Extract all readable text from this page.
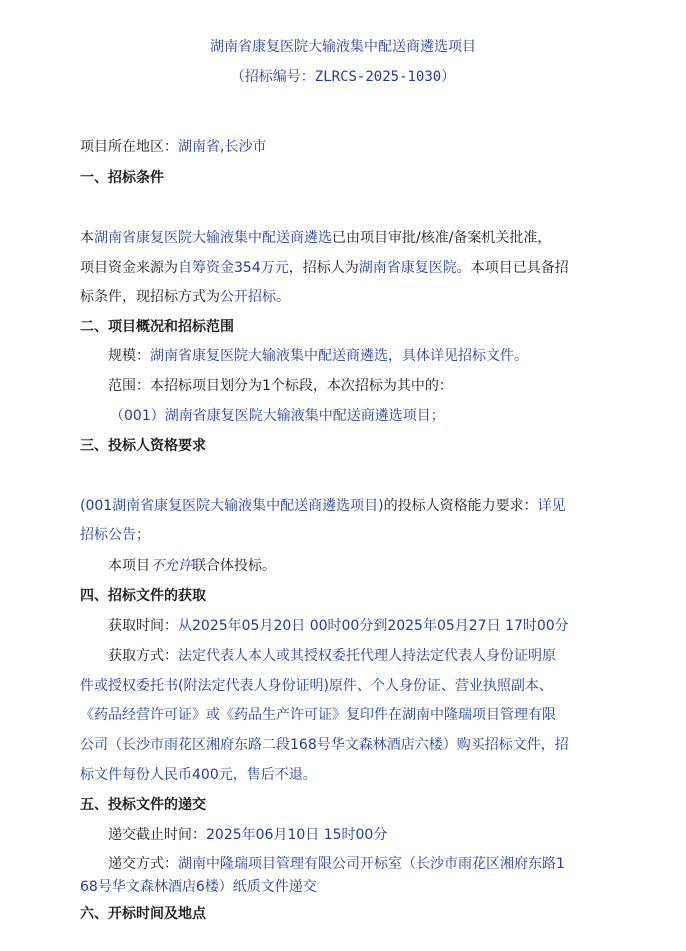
湖南省康复医院大输液集中配送商遴选项目
（招标编号：ZLRCS-2025-1030）
项目所在地区：湖南省,长沙市
一、招标条件
本湖南省康复医院大输液集中配送商遴选已由项目审批/核准/备案机关批准，
项目资金来源为自筹资金354万元，招标人为湖南省康复医院。本项目已具备招
标条件，现招标方式为公开招标。
二、项目概况和招标范围
规模：湖南省康复医院大输液集中配送商遴选，具体详见招标文件。
范围：本招标项目划分为1个标段，本次招标为其中的：
（001）湖南省康复医院大输液集中配送商遴选项目；
三、投标人资格要求
(001湖南省康复医院大输液集中配送商遴选项目)的投标人资格能力要求：详见
招标公告；
本项目不允许联合体投标。
四、招标文件的获取
获取时间：从2025年05月20日 00时00分到2025年05月27日 17时00分
获取方式：法定代表人本人或其授权委托代理人持法定代表人身份证明原
件或授权委托书(附法定代表人身份证明)原件、个人身份证、营业执照副本、
《药品经营许可证》或《药品生产许可证》复印件在湖南中隆瑞项目管理有限
公司（长沙市雨花区湘府东路二段168号华文森林酒店六楼）购买招标文件，招
标文件每份人民币400元，售后不退。
五、投标文件的递交
递交截止时间：2025年06月10日 15时00分
递交方式：湖南中隆瑞项目管理有限公司开标室（长沙市雨花区湘府东路1
68号华文森林酒店6楼）纸质文件递交
六、开标时间及地点
